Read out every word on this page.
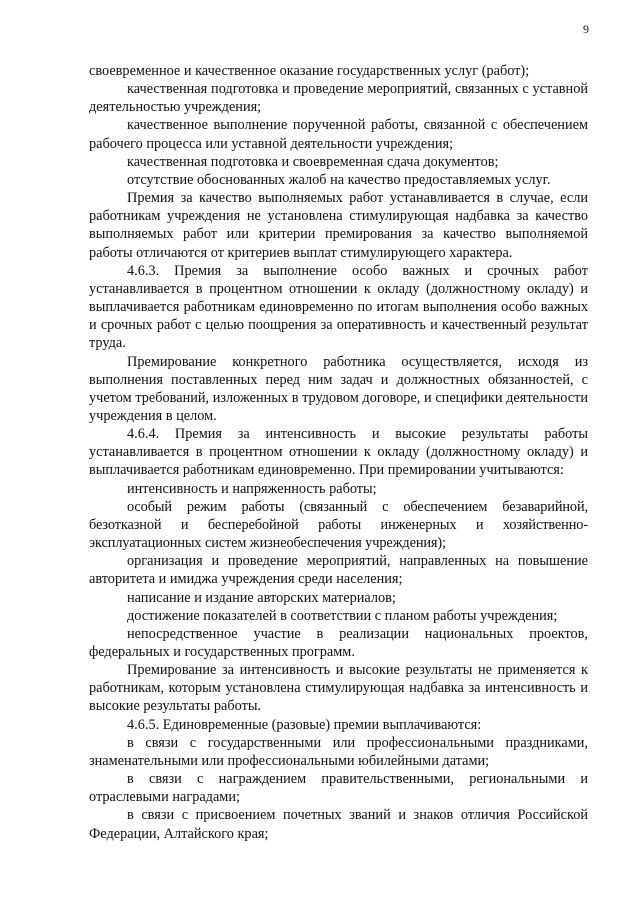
9

своевременное и качественное оказание государственных услуг (работ);

качественная подготовка и проведение мероприятий, связанных с уставной деятельностью учреждения;

качественное выполнение порученной работы, связанной с обеспечением рабочего процесса или уставной деятельности учреждения;

качественная подготовка и своевременная сдача документов;

отсутствие обоснованных жалоб на качество предоставляемых услуг.

Премия за качество выполняемых работ устанавливается в случае, если работникам учреждения не установлена стимулирующая надбавка за качество выполняемых работ или критерии премирования за качество выполняемой работы отличаются от критериев выплат стимулирующего характера.

4.6.3. Премия за выполнение особо важных и срочных работ устанавливается в процентном отношении к окладу (должностному окладу) и выплачивается работникам единовременно по итогам выполнения особо важных и срочных работ с целью поощрения за оперативность и качественный результат труда.

Премирование конкретного работника осуществляется, исходя из выполнения поставленных перед ним задач и должностных обязанностей, с учетом требований, изложенных в трудовом договоре, и специфики деятельности учреждения в целом.

4.6.4. Премия за интенсивность и высокие результаты работы устанавливается в процентном отношении к окладу (должностному окладу) и выплачивается работникам единовременно. При премировании учитываются:

интенсивность и напряженность работы;

особый режим работы (связанный с обеспечением безаварийной, безотказной и бесперебойной работы инженерных и хозяйственно-эксплуатационных систем жизнеобеспечения учреждения);

организация и проведение мероприятий, направленных на повышение авторитета и имиджа учреждения среди населения;

написание и издание авторских материалов;

достижение показателей в соответствии с планом работы учреждения;

непосредственное участие в реализации национальных проектов, федеральных и государственных программ.

Премирование за интенсивность и высокие результаты не применяется к работникам, которым установлена стимулирующая надбавка за интенсивность и высокие результаты работы.

4.6.5. Единовременные (разовые) премии выплачиваются:

в связи с государственными или профессиональными праздниками, знаменательными или профессиональными юбилейными датами;

в связи с награждением правительственными, региональными и отраслевыми наградами;

в связи с присвоением почетных званий и знаков отличия Российской Федерации, Алтайского края;
